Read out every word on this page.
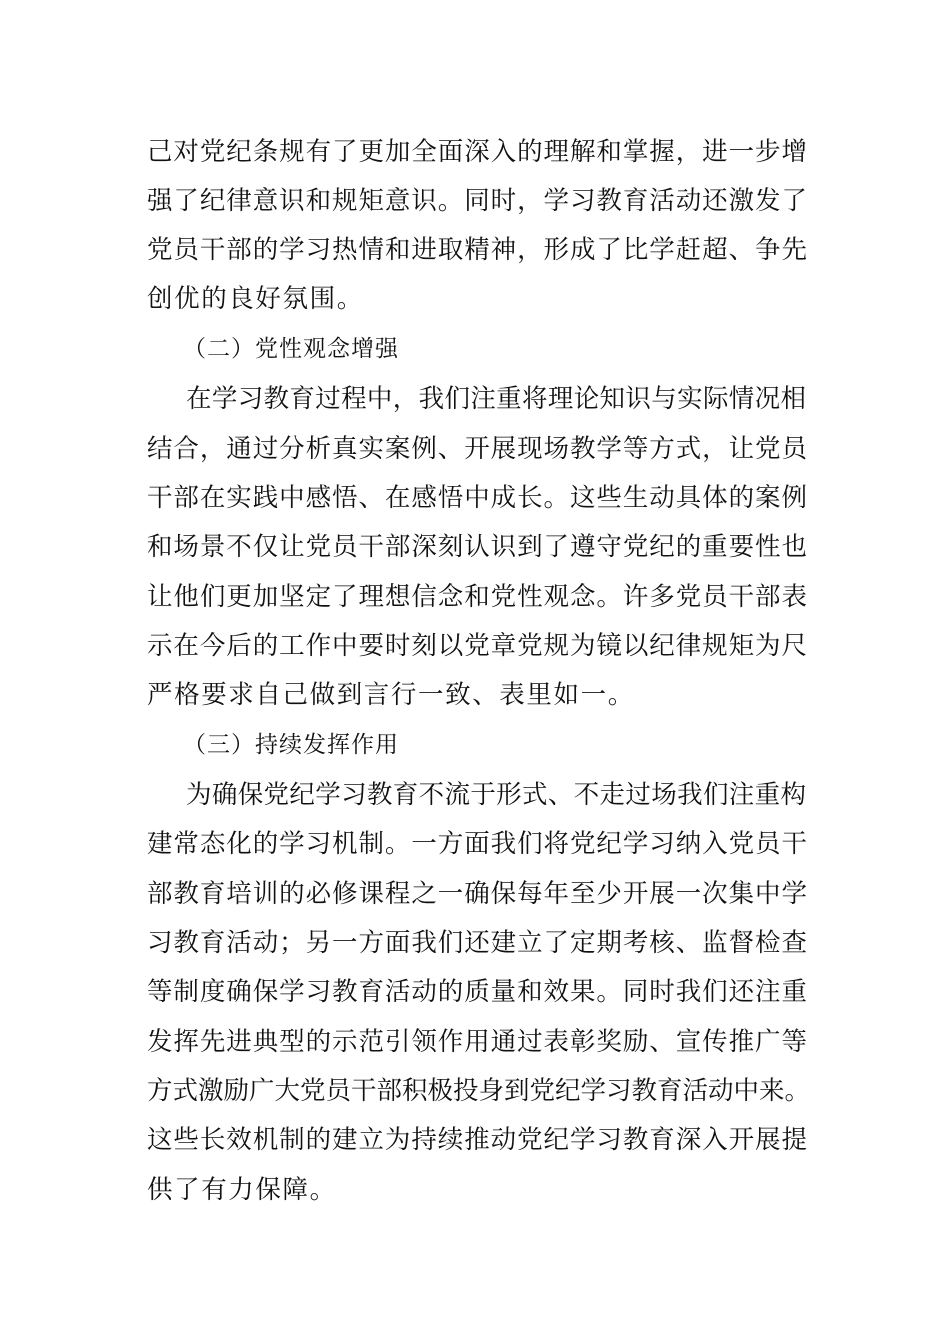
己对党纪条规有了更加全面深入的理解和掌握，进一步增
强了纪律意识和规矩意识。同时，学习教育活动还激发了
党员干部的学习热情和进取精神，形成了比学赶超、争先
创优的良好氛围。
（二）党性观念增强
在学习教育过程中，我们注重将理论知识与实际情况相
结合，通过分析真实案例、开展现场教学等方式，让党员
干部在实践中感悟、在感悟中成长。这些生动具体的案例
和场景不仅让党员干部深刻认识到了遵守党纪的重要性也
让他们更加坚定了理想信念和党性观念。许多党员干部表
示在今后的工作中要时刻以党章党规为镜以纪律规矩为尺
严格要求自己做到言行一致、表里如一。
（三）持续发挥作用
为确保党纪学习教育不流于形式、不走过场我们注重构
建常态化的学习机制。一方面我们将党纪学习纳入党员干
部教育培训的必修课程之一确保每年至少开展一次集中学
习教育活动；另一方面我们还建立了定期考核、监督检查
等制度确保学习教育活动的质量和效果。同时我们还注重
发挥先进典型的示范引领作用通过表彰奖励、宣传推广等
方式激励广大党员干部积极投身到党纪学习教育活动中来。
这些长效机制的建立为持续推动党纪学习教育深入开展提
供了有力保障。
